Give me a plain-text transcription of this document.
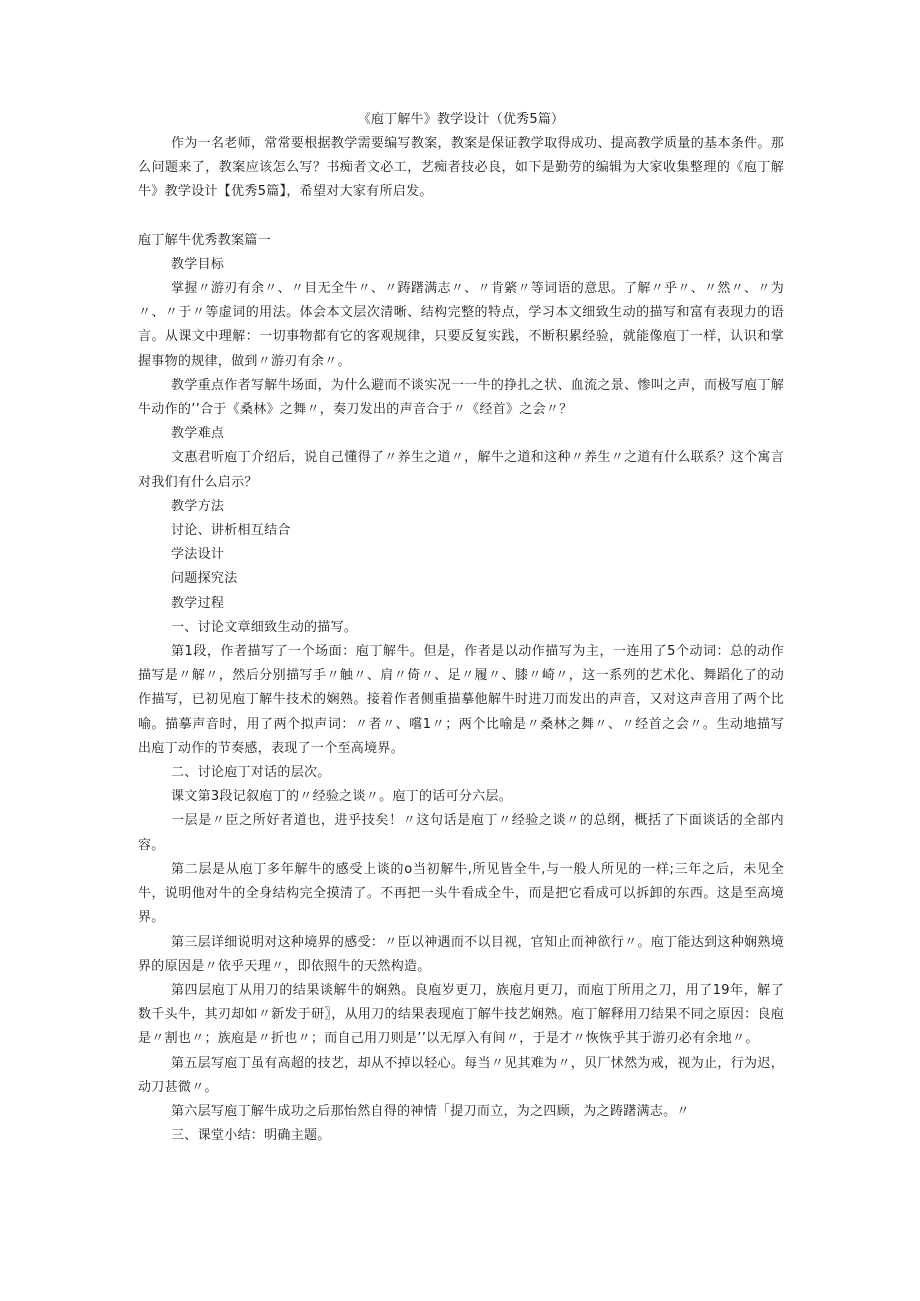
《庖丁解牛》教学设计（优秀5篇）

作为一名老师，常常要根据教学需要编写教案，教案是保证教学取得成功、提高教学质量的基本条件。那么问题来了，教案应该怎么写？书痴者文必工，艺痴者技必良，如下是勤劳的编辑为大家收集整理的《庖丁解牛》教学设计【优秀5篇】，希望对大家有所启发。

庖丁解牛优秀教案篇一

教学目标

掌握〃游刃有余〃、〃目无全牛〃、〃踌躇满志〃、〃肯綮〃等词语的意思。了解〃乎〃、〃然〃、〃为〃、〃于〃等虚词的用法。体会本文层次清晰、结构完整的特点，学习本文细致生动的描写和富有表现力的语言。从课文中理解：一切事物都有它的客观规律，只要反复实践，不断积累经验，就能像庖丁一样，认识和掌握事物的规律，做到〃游刃有余〃。

教学重点作者写解牛场面，为什么避而不谈实况一一牛的挣扎之状、血流之景、惨叫之声，而极写庖丁解牛动作的’’合于《桑林》之舞〃，奏刀发出的声音合于〃《经首》之会〃？

教学难点

文惠君听庖丁介绍后，说自己懂得了〃养生之道〃，解牛之道和这种〃养生〃之道有什么联系？这个寓言对我们有什么启示？

教学方法

讨论、讲析相互结合

学法设计

问题探究法

教学过程

一、讨论文章细致生动的描写。

第1段，作者描写了一个场面：庖丁解牛。但是，作者是以动作描写为主，一连用了5个动词：总的动作描写是〃解〃，然后分别描写手〃触〃、肩〃倚〃、足〃履〃、膝〃崎〃，这一系列的艺术化、舞蹈化了的动作描写，已初见庖丁解牛技术的娴熟。接着作者侧重描摹他解牛时进刀而发出的声音，又对这声音用了两个比喻。描摹声音时，用了两个拟声词：〃者〃、嚐1〃；两个比喻是〃桑林之舞〃、〃经首之会〃。生动地描写出庖丁动作的节奏感，表现了一个至高境界。

二、讨论庖丁对话的层次。

课文第3段记叙庖丁的〃经验之谈〃。庖丁的话可分六层。

一层是〃臣之所好者道也，进乎技矣！〃这句话是庖丁〃经验之谈〃的总纲，概括了下面谈话的全部内容。

第二层是从庖丁多年解牛的感受上谈的o当初解牛,所见皆全牛,与一般人所见的一样;三年之后，未见全牛，说明他对牛的全身结构完全摸清了。不再把一头牛看成全牛，而是把它看成可以拆卸的东西。这是至高境界。

第三层详细说明对这种境界的感受：〃臣以神遇而不以目视，官知止而神欲行〃。庖丁能达到这种娴熟境界的原因是〃依乎天理〃，即依照牛的天然构造。

第四层庖丁从用刀的结果谈解牛的娴熟。良庖岁更刀，族庖月更刀，而庖丁所用之刀，用了19年，解了数千头牛，其刃却如〃新发于研〗，从用刀的结果表现庖丁解牛技艺娴熟。庖丁解释用刀结果不同之原因：良庖是〃割也〃；族庖是〃折也〃；而自己用刀则是’’以无厚入有间〃，于是才〃恢恢乎其于游刃必有余地〃。

第五层写庖丁虽有高超的技艺，却从不掉以轻心。每当〃见其难为〃，贝厂怵然为戒，视为止，行为迟，动刀甚微〃。

第六层写庖丁解牛成功之后那怡然自得的神情「提刀而立，为之四顾，为之踌躇满志。〃

三、课堂小结：明确主题。
